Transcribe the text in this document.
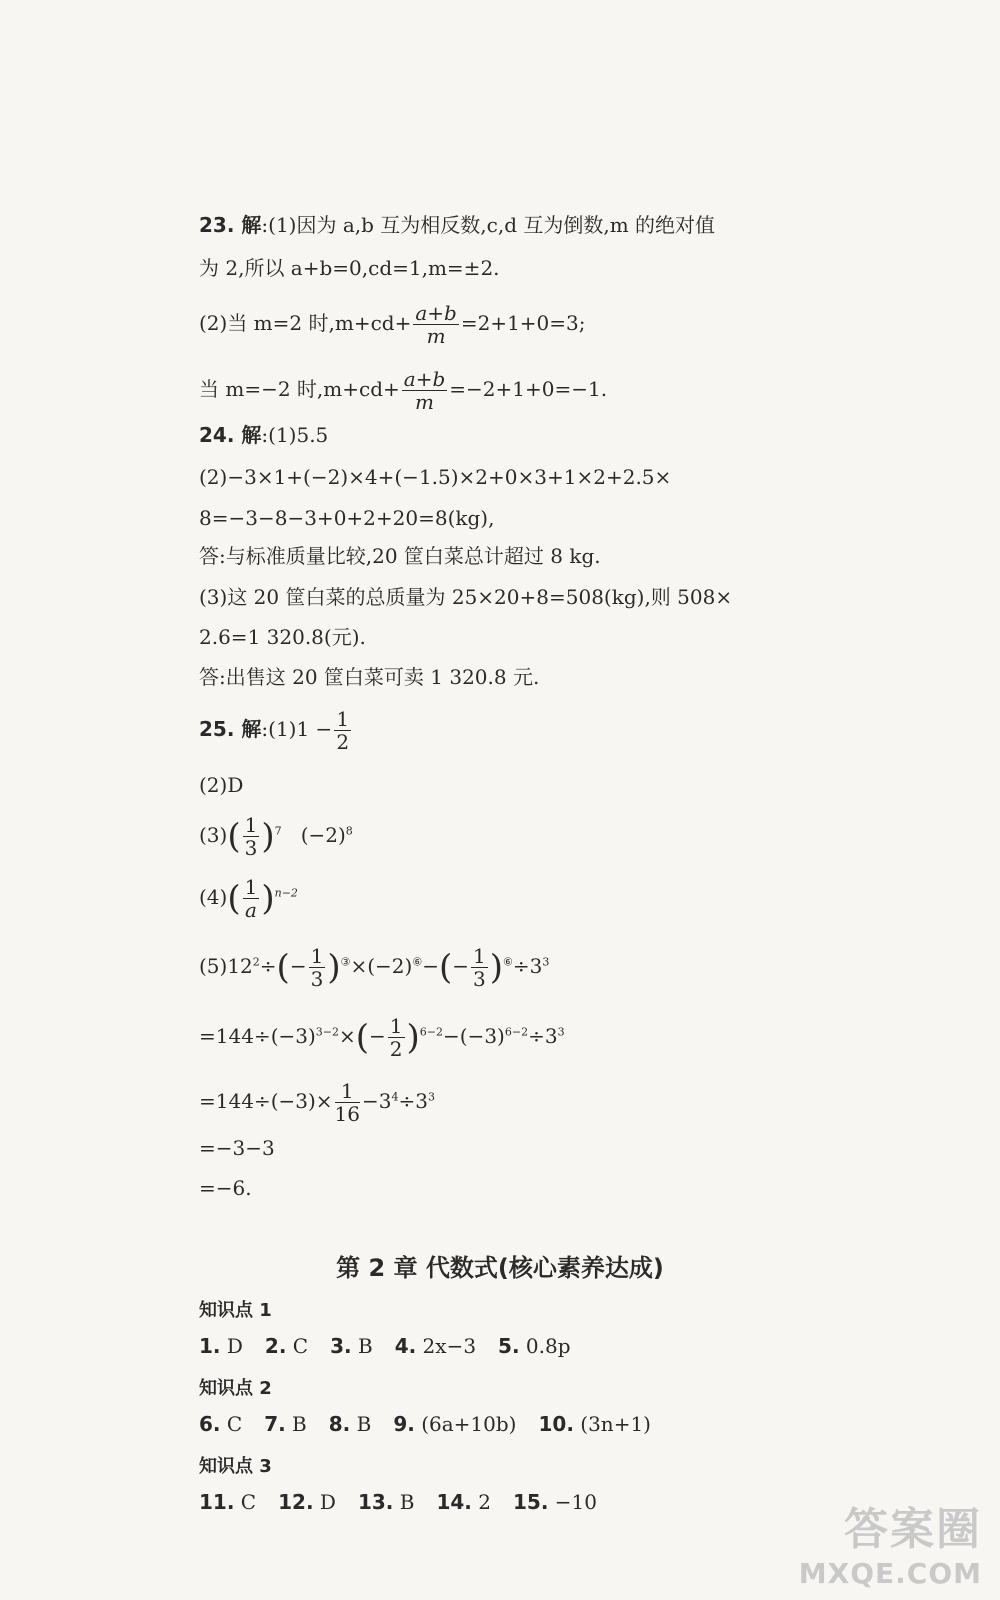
23. 解:(1)因为 a,b 互为相反数,c,d 互为倒数,m 的绝对值
为 2,所以 a+b=0,cd=1,m=±2.
(2)当 m=2 时$,m+cd+ \frac{a+b}{m} =2+1+0=3$;
当 m=−2 时$,m+cd+ \frac{a+b}{m} =-2+1+0=-1$.
24. 解:(1)5.5
(2)−3×1+(−2)×4+(−1.5)×2+0×3+1×2+2.5×
8=−3−8−3+0+2+20=8(kg),
答:与标准质量比较,20 筐白菜总计超过 8 kg.
(3)这 20 筐白菜的总质量为 25×20+8=508(kg),则 508×
2.6=1 320.8(元).
答:出售这 20 筐白菜可卖 1 320.8 元.
25. 解:(1)1 − $\frac{1}{2}$
(2)D
$(3)( \frac{1}{3} )^7$ $(-2)^8$
$(4)( \frac{1}{a} )^{n-2}$
$(5)12^2\div(- \frac{1}{3} )^③\times(-2)^⑥-(- \frac{1}{3} )^⑥\div 3^3$
$=144\div(-3)^{3-2}\times(- \frac{1}{2} )^{6-2}-(-3)^{6-2}\div 3^3$
$=144\div(-3)\times \frac{1}{16} -3^4\div 3^3$
=−3−3
=−6.
第 2 章 代数式(核心素养达成)
知识点 1
1. D 2. C 3. B 4. 2x−3 5. 0.8p
知识点 2
6. C 7. B 8. B 9. (6a+10b) 10. (3n+1)
知识点 3
11. C 12. D 13. B 14. 2 15. −10
答案圈
MXQE.COM
